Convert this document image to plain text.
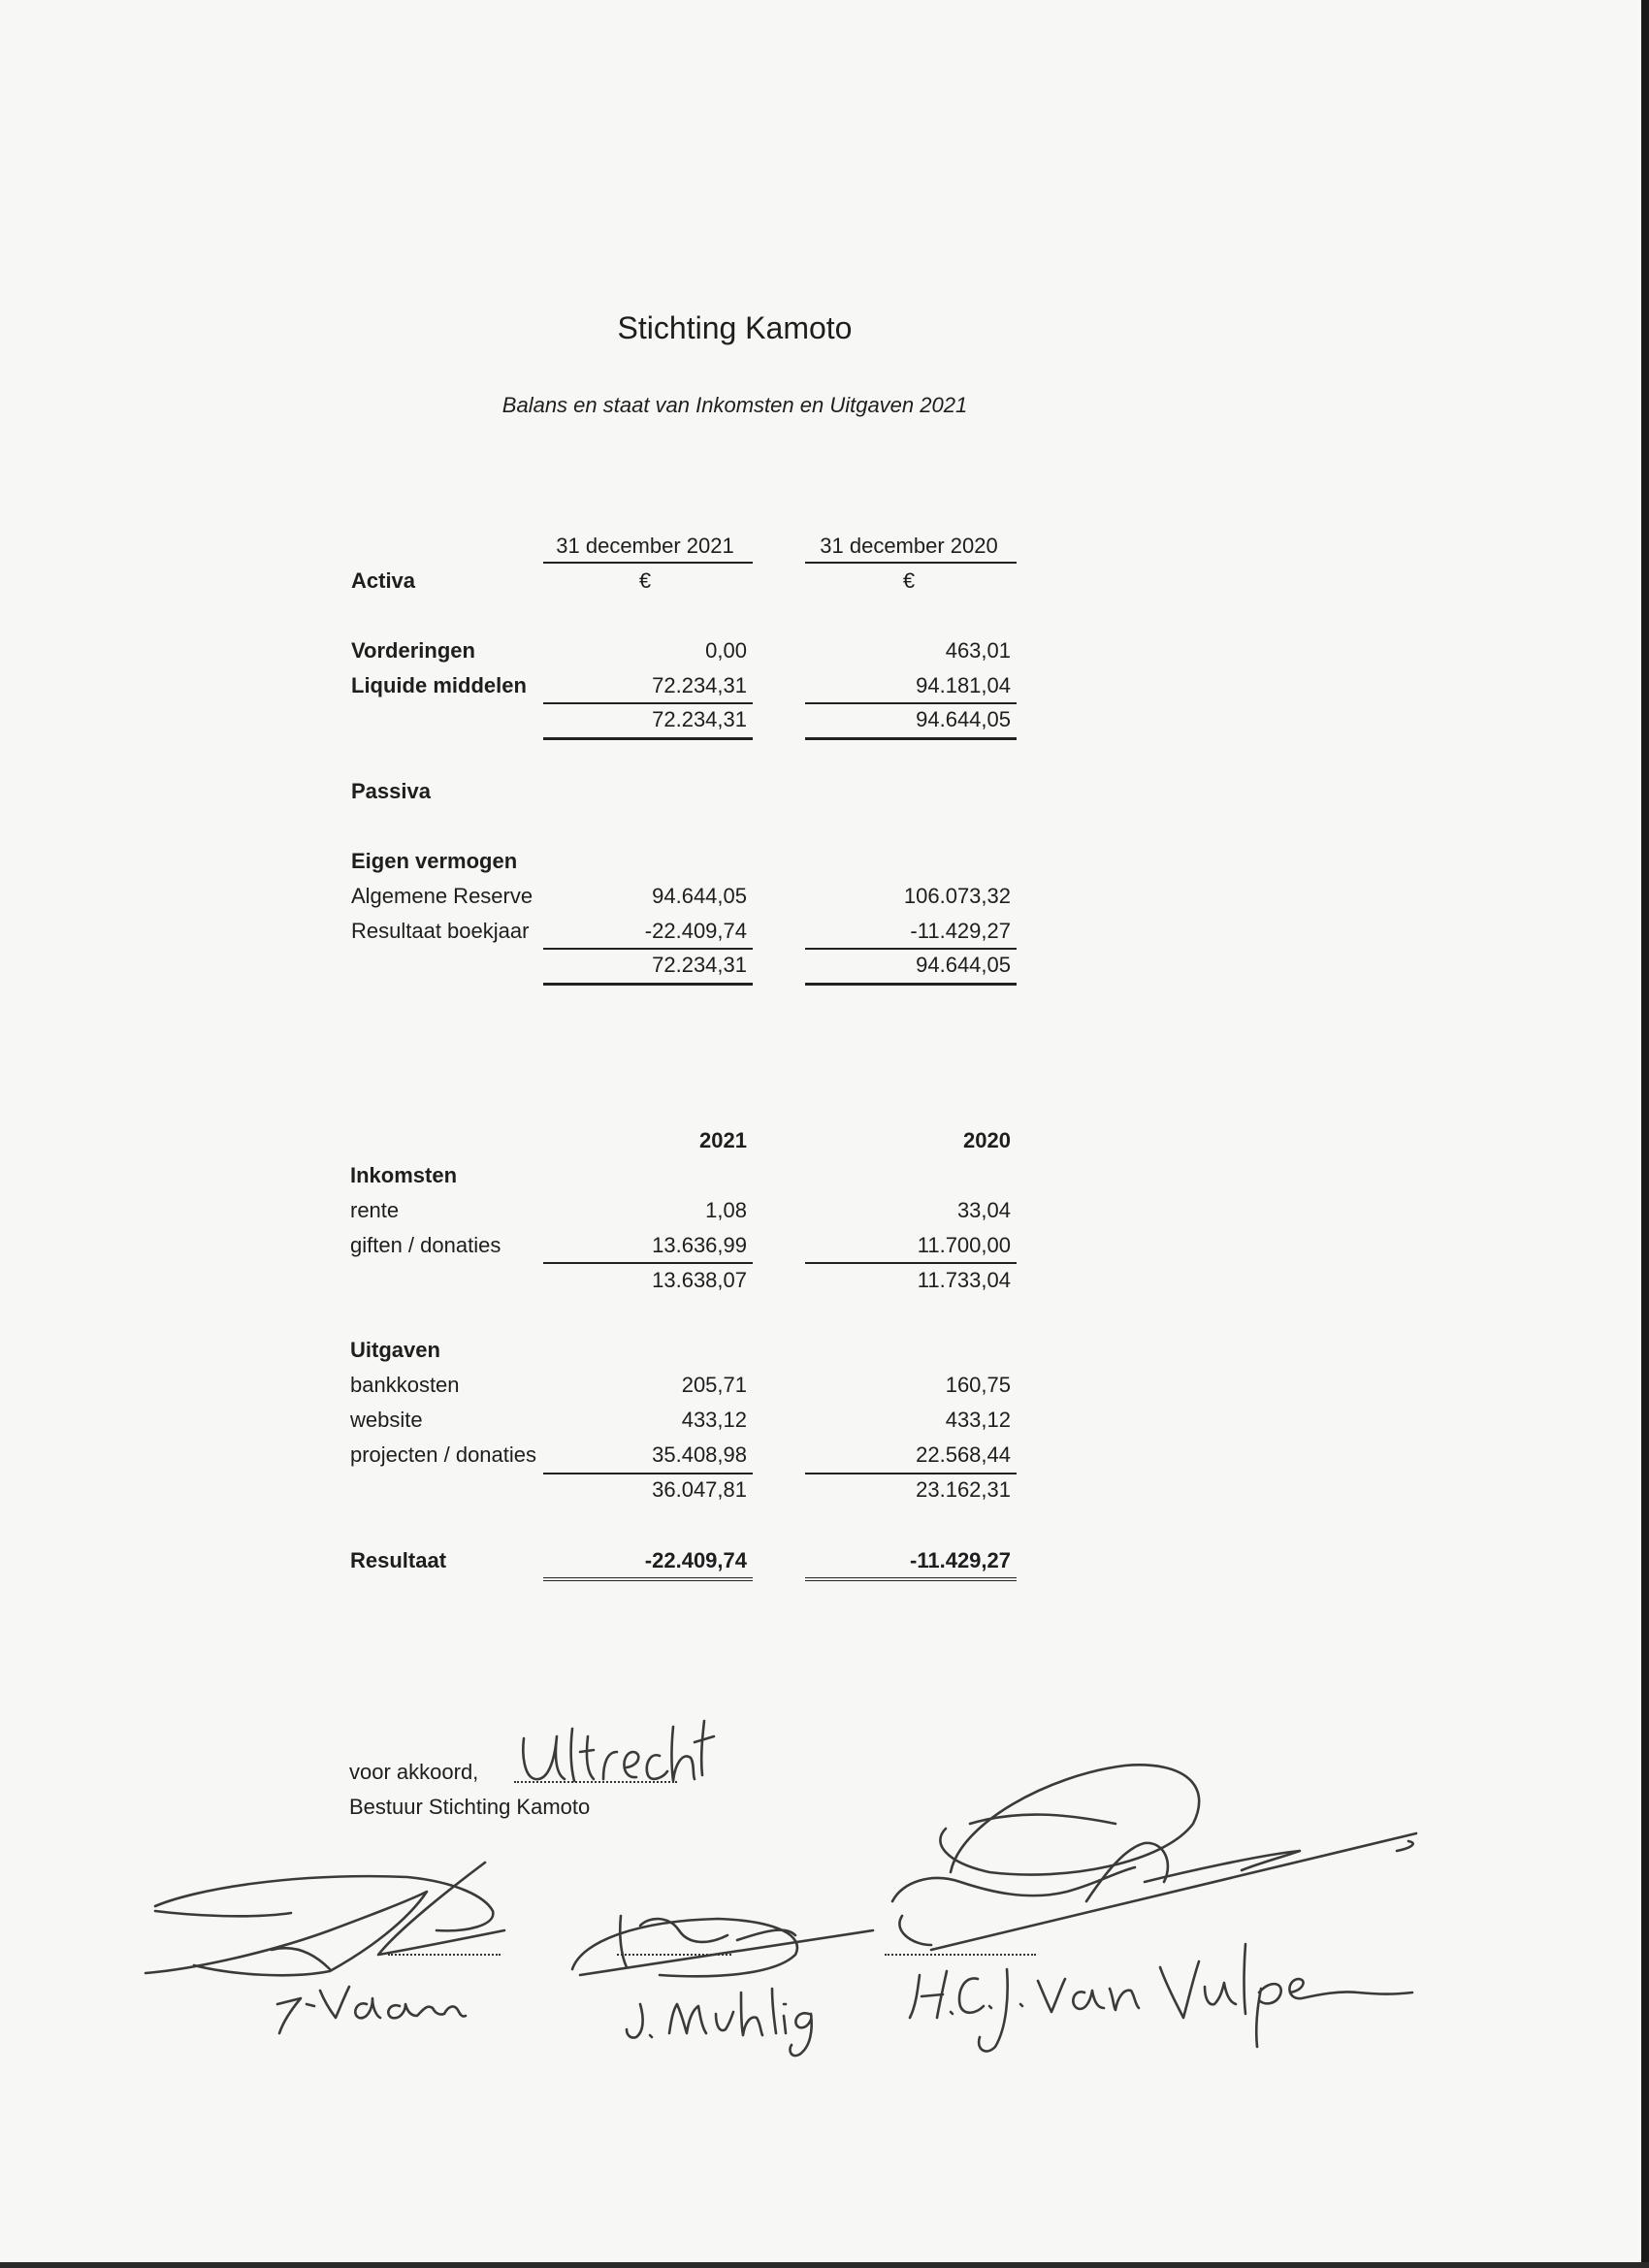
Stichting Kamoto
Balans en staat van Inkomsten en Uitgaven 2021
31 december 2021	31 december 2020
Activa	€	€
Vorderingen	0,00	463,01
Liquide middelen	72.234,31	94.181,04
72.234,31	94.644,05
Passiva
Eigen vermogen
Algemene Reserve	94.644,05	106.073,32
Resultaat boekjaar	-22.409,74	-11.429,27
72.234,31	94.644,05
2021	2020
Inkomsten
rente	1,08	33,04
giften / donaties	13.636,99	11.700,00
13.638,07	11.733,04
Uitgaven
bankkosten	205,71	160,75
website	433,12	433,12
projecten / donaties	35.408,98	22.568,44
36.047,81	23.162,31
Resultaat	-22.409,74	-11.429,27
voor akkoord,
Bestuur Stichting Kamoto
